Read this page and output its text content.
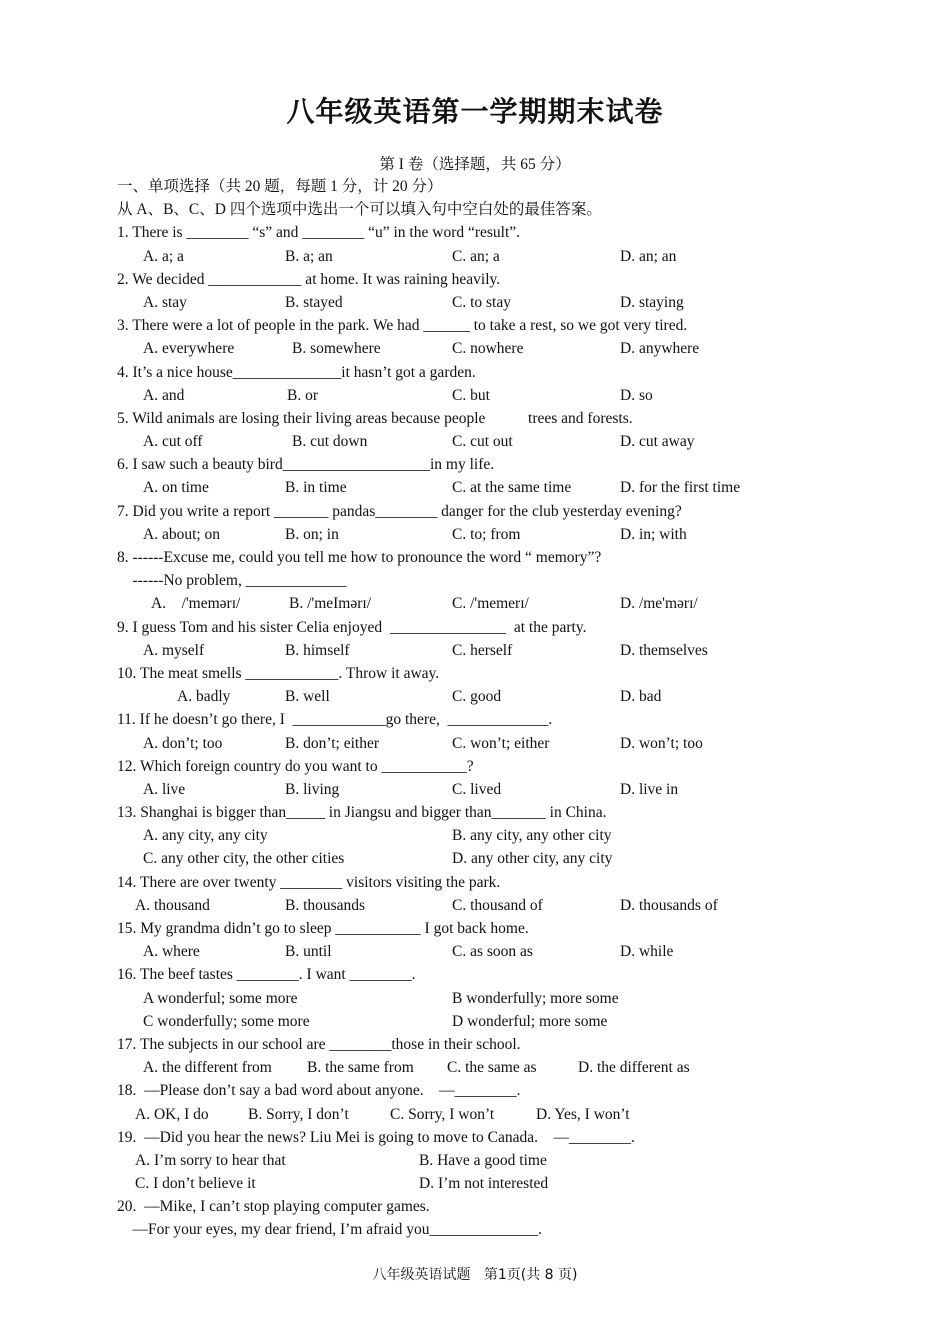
八年级英语第一学期期末试卷
第 I 卷（选择题，共 65 分）
一、单项选择（共 20 题，每题 1 分，计 20 分）
从 A、B、C、D 四个选项中选出一个可以填入句中空白处的最佳答案。
1. There is ________ “s” and ________ “u” in the word “result”.
A. a; a	B. a; an	C. an; a	D. an; an
2. We decided ____________ at home. It was raining heavily.
A. stay	B. stayed	C. to stay	D. staying
3. There were a lot of people in the park. We had ______ to take a rest, so we got very tired.
A. everywhere	B. somewhere	C. nowhere	D. anywhere
4. It’s a nice house______________it hasn’t got a garden.
A. and	B. or	C. but	D. so
5. Wild animals are losing their living areas because people           trees and forests.
A. cut off	B. cut down	C. cut out	D. cut away
6. I saw such a beauty bird___________________in my life.
A. on time	B. in time	C. at the same time	D. for the first time
7. Did you write a report _______ pandas________ danger for the club yesterday evening?
A. about; on	B. on; in	C. to; from	D. in; with
8. ------Excuse me, could you tell me how to pronounce the word “ memory”?
------No problem, _____________
A.    /'memərɪ/	B. /'meImərɪ/	C. /'memerɪ/	D. /me'mərɪ/
9. I guess Tom and his sister Celia enjoyed  _______________  at the party.
A. myself	B. himself	C. herself	D. themselves
10. The meat smells ____________. Throw it away.
A. badly	B. well	C. good	D. bad
11. If he doesn’t go there, I  ____________go there,  _____________.
A. don’t; too	B. don’t; either	C. won’t; either	D. won’t; too
12. Which foreign country do you want to ___________?
A. live	B. living	C. lived	D. live in
13. Shanghai is bigger than_____ in Jiangsu and bigger than_______ in China.
A. any city, any city	B. any city, any other city
C. any other city, the other cities	D. any other city, any city
14. There are over twenty ________ visitors visiting the park.
A. thousand	B. thousands	C. thousand of	D. thousands of
15. My grandma didn’t go to sleep ___________ I got back home.
A. where	B. until	C. as soon as	D. while
16. The beef tastes ________. I want ________.
A wonderful; some more	B wonderfully; more some
C wonderfully; some more	D wonderful; more some
17. The subjects in our school are ________those in their school.
A. the different from B. the same from C. the same as	D. the different as
18.  —Please don’t say a bad word about anyone.    —________.
A. OK, I do	B. Sorry, I don’t	C. Sorry, I won’t	D. Yes, I won’t
19.  —Did you hear the news? Liu Mei is going to move to Canada.    —________.
A. I’m sorry to hear that	B. Have a good time
C. I don’t believe it	D. I’m not interested
20.  —Mike, I can’t stop playing computer games.
—For your eyes, my dear friend, I’m afraid you______________.
八年级英语试题   第1页(共 8 页)
